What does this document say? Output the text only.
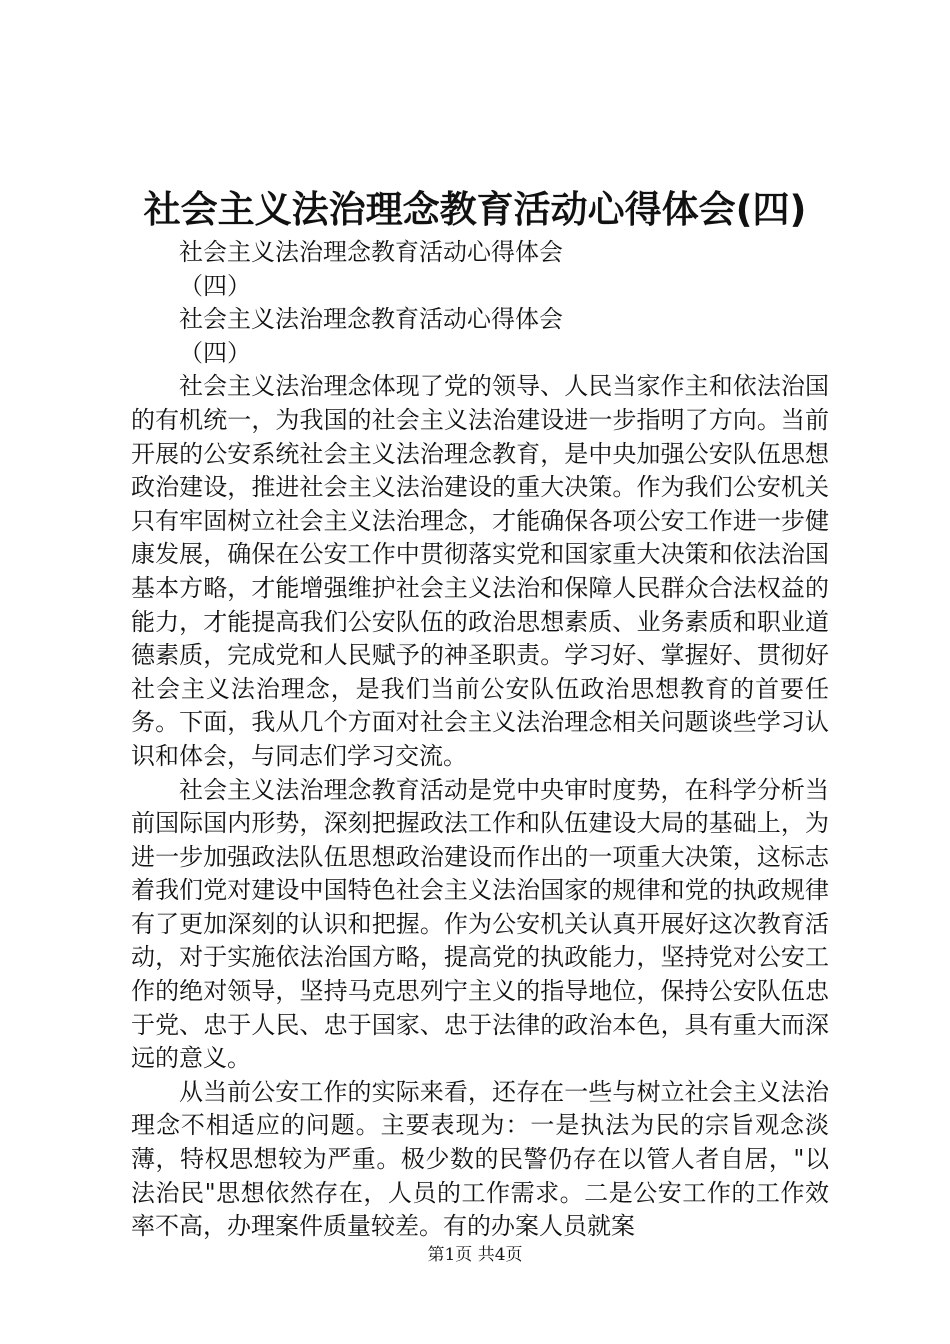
社会主义法治理念教育活动心得体会(四)

社会主义法治理念教育活动心得体会

（四）

社会主义法治理念教育活动心得体会

（四）

社会主义法治理念体现了党的领导、人民当家作主和依法治国的有机统一，为我国的社会主义法治建设进一步指明了方向。当前开展的公安系统社会主义法治理念教育，是中央加强公安队伍思想政治建设，推进社会主义法治建设的重大决策。作为我们公安机关只有牢固树立社会主义法治理念，才能确保各项公安工作进一步健康发展，确保在公安工作中贯彻落实党和国家重大决策和依法治国基本方略，才能增强维护社会主义法治和保障人民群众合法权益的能力，才能提高我们公安队伍的政治思想素质、业务素质和职业道德素质，完成党和人民赋予的神圣职责。学习好、掌握好、贯彻好社会主义法治理念，是我们当前公安队伍政治思想教育的首要任务。下面，我从几个方面对社会主义法治理念相关问题谈些学习认识和体会，与同志们学习交流。

社会主义法治理念教育活动是党中央审时度势，在科学分析当前国际国内形势，深刻把握政法工作和队伍建设大局的基础上，为进一步加强政法队伍思想政治建设而作出的一项重大决策，这标志着我们党对建设中国特色社会主义法治国家的规律和党的执政规律有了更加深刻的认识和把握。作为公安机关认真开展好这次教育活动，对于实施依法治国方略，提高党的执政能力，坚持党对公安工作的绝对领导，坚持马克思列宁主义的指导地位，保持公安队伍忠于党、忠于人民、忠于国家、忠于法律的政治本色，具有重大而深远的意义。

从当前公安工作的实际来看，还存在一些与树立社会主义法治理念不相适应的问题。主要表现为：一是执法为民的宗旨观念淡薄，特权思想较为严重。极少数的民警仍存在以管人者自居，"以法治民"思想依然存在，人员的工作需求。二是公安工作的工作效率不高，办理案件质量较差。有的办案人员就案

第1页 共4页
